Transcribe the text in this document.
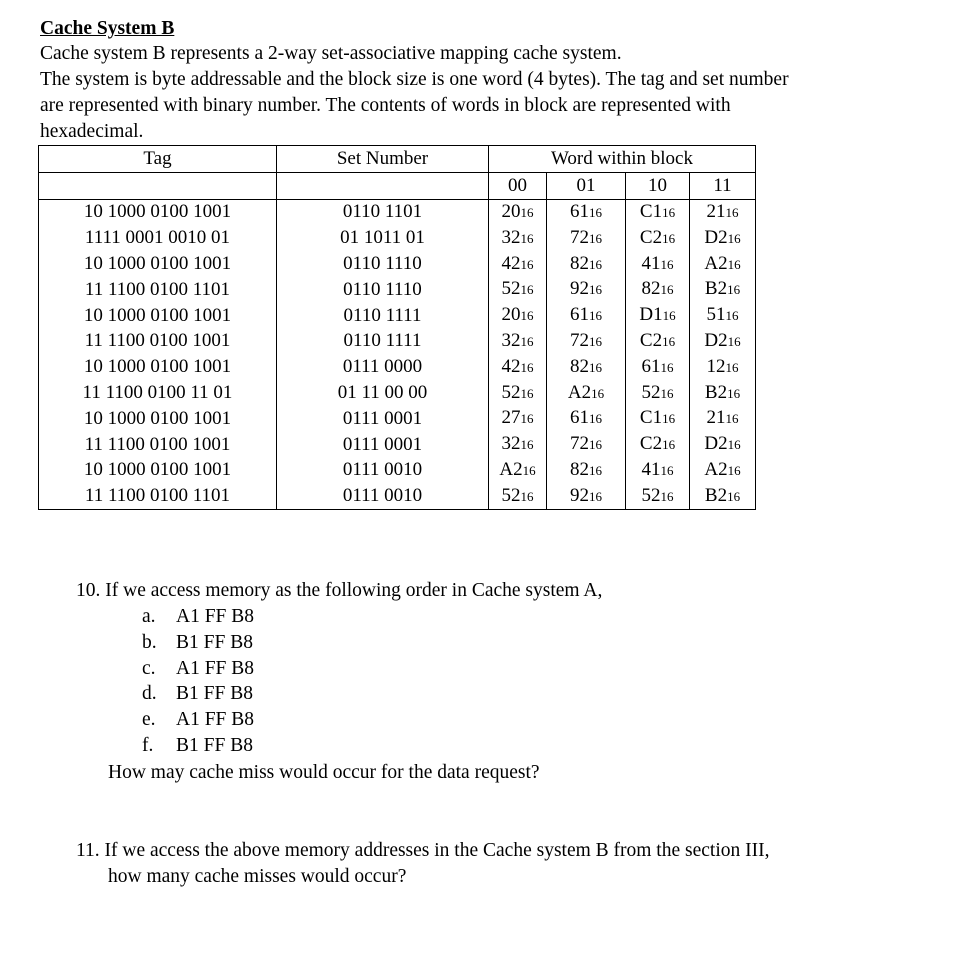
Cache System B

Cache system B represents a 2-way set-associative mapping cache system.

The system is byte addressable and the block size is one word (4 bytes). The tag and set number

are represented with binary number. The contents of words in block are represented with

hexadecimal.

Tag	Set Number	Word within block			
		00	01	10	11
10 1000 0100 1001	0110 1101	2016	6116	C116	2116
1111 0001 0010 01	01 1011 01	3216	7216	C216	D216
10 1000 0100 1001	0110 1110	4216	8216	4116	A216
11 1100 0100 1101	0110 1110	5216	9216	8216	B216
10 1000 0100 1001	0110 1111	2016	6116	D116	5116
11 1100 0100 1001	0110 1111	3216	7216	C216	D216
10 1000 0100 1001	0111 0000	4216	8216	6116	1216
11 1100 0100 11 01	01 11 00 00	5216	A216	5216	B216
10 1000 0100 1001	0111 0001	2716	6116	C116	2116
11 1100 0100 1001	0111 0001	3216	7216	C216	D216
10 1000 0100 1001	0111 0010	A216	8216	4116	A216
11 1100 0100 1101	0111 0010	5216	9216	5216	B216

10. If we access memory as the following order in Cache system A,

a. A1 FF B8
b. B1 FF B8
c. A1 FF B8
d. B1 FF B8
e. A1 FF B8
f. B1 FF B8

How may cache miss would occur for the data request?

11. If we access the above memory addresses in the Cache system B from the section III,
how many cache misses would occur?
